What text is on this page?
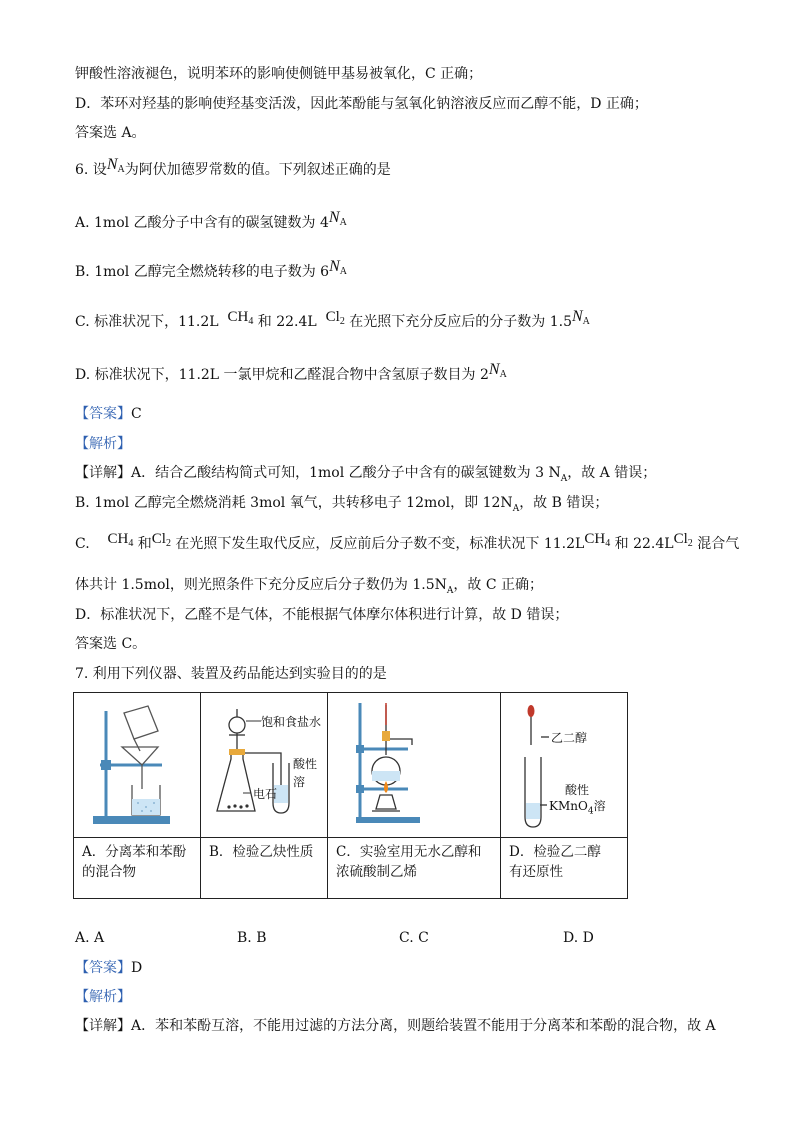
钾酸性溶液褪色，说明苯环的影响使侧链甲基易被氧化，C 正确；
D．苯环对羟基的影响使羟基变活泼，因此苯酚能与氢氧化钠溶液反应而乙醇不能，D 正确；
答案选 A。
6. 设NA为阿伏加德罗常数的值。下列叙述正确的是
A. 1mol 乙酸分子中含有的碳氢键数为 4NA
B. 1mol 乙醇完全燃烧转移的电子数为 6NA
C. 标准状况下，11.2L CH4 和 22.4L Cl2 在光照下充分反应后的分子数为 1.5NA
D. 标准状况下，11.2L 一氯甲烷和乙醛混合物中含氢原子数目为 2NA
【答案】C
【解析】
【详解】A．结合乙酸结构简式可知，1mol 乙酸分子中含有的碳氢键数为 3 $N_A$，故 A 错误；
B. 1mol 乙醇完全燃烧消耗 3mol 氧气，共转移电子 12mol，即 $12N_A$，故 B 错误；
C. CH4 和Cl2 在光照下发生取代反应，反应前后分子数不变，标准状况下 11.2LCH4 和 22.4LCl2 混合气
体共计 1.5mol，则光照条件下充分反应后分子数仍为 $1.5N_A$，故 C 正确；
D．标准状况下，乙醛不是气体，不能根据气体摩尔体积进行计算，故 D 错误；
答案选 C。
7. 利用下列仪器、装置及药品能达到实验目的的是

饱和食盐水
电石
酸性
溶		乙二醇
酸性
KMnO$_4$溶

A．分离苯和苯酚的混合物	B．检验乙炔性质	C．实验室用无水乙醇和浓硫酸制乙烯	D．检验乙二醇有还原性
A. A	B. B	C. C	D. D
【答案】D
【解析】
【详解】A．苯和苯酚互溶，不能用过滤的方法分离，则题给装置不能用于分离苯和苯酚的混合物，故 A
